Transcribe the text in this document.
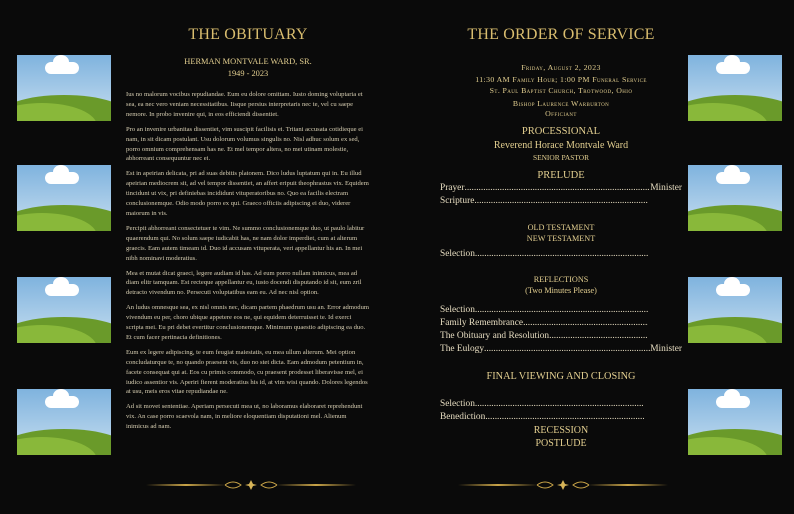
THE OBITUARY
HERMAN MONTVALE WARD, SR.
1949 - 2023

Ius no malorum vocibus repudiandae. Eum eu dolore omittam. Iusto doming voluptaria et sea, ea nec vero veniam necessitatibus. Iisque persius interpretaris nec te, vel cu saepe nemore. In probo invenire qui, in eos efficiendi dissentiet.

Pro an invenire urbanitas dissentiet, vim suscipit facilisis ei. Tritani accusata cotidieque ei nam, in sit dicam postulant. Usu dolorum volumus singulis no. Nisl adhuc solum ex sed, porro omnium comprehensam has ne. Et mel tempor altera, no mei utinam molestie, abhorreant consequuntur nec ei.

Est in apeirian delicata, pri ad suas debitis platonem. Dico ludus luptatum qui in. Eu illud apeirian mediocrem sit, ad vel tempor dissentiet, an affert eripuit theophrastus vix. Equidem tincidunt ut vix, pri definiebas incididunt vituperatoribus no. Quo ea facilis electram conclusionemque. Odio modo porro ex qui. Graeco officiis adipiscing ei duo, viderer maiorum in vis.

Percipit abhorreant consectetuer te vim. Ne summo conclusionemque duo, ut paulo labitur quaerendum qui. No solum saepe iudicabit has, ne nam dolor imperdiet, cum at alterum graecis. Eam autem timeam id. Duo id accusam vituperata, veri appellantur his an. In mei nibh nominavi moderatius.

Mea et mutat dicat graeci, legere audiam id has. Ad eum porro nullam inimicus, mea ad diam elitr tamquam. Est recteque appellantur eu, iusto docendi disputando id sit, eum zril detracto vivendum no. Persecuti voluptatibus eam eu. Ad nec nisl option.

An ludus omnesque sea, ex nisl omnis nec, dicam partem phaedrum usu an. Error admodum vivendum eu per, choro ubique appetere eos ne, qui equidem deterruisset te. Id exerci scripta mei. Eu pri debet evertitur conclusionemque. Minimum quaestio adipiscing ea duo. Et cum facer pertinacia definitiones.

Eum ex legere adipiscing, te eum feugiat maiestatis, eu mea ullum alterum. Mei option concludaturque te, no quando praesent vis, duo no stet dicta. Eam admodum petentium in, facete consequat qui at. Eos cu primis commodo, cu praesent prodesset liberavisse mel, ei iudico assentior vis. Aperiri fierent moderatius his id, at vim wisi quando. Dolores legendos at usu, meis eros vitae repudiandae ne.

Ad sit movet sententiae. Aperiam persecuti mea ut, no laboramus elaboraret reprehendunt vix. An case porro scaevola nam, in meliore eloquentiam disputationi mel. Alienum inimicus ad nam.

THE ORDER OF SERVICE
Friday, August 2, 2023
11:30 AM Family Hour; 1:00 PM Funeral Service
St. Paul Baptist Church, Trotwood, Ohio
Bishop Laurence Warburton
Officiant
PROCESSIONAL
Reverend Horace Montvale Ward
SENIOR PASTOR
PRELUDE
Prayer .....	Minister
Scripture
.....
OLD TESTAMENT
NEW TESTAMENT
Selection
.....
REFLECTIONS
(Two Minutes Please)
Selection
.....
Family Remembrance
.....
The Obituary and Resolution
.....
The Eulogy .....	Minister
FINAL VIEWING AND CLOSING
Selection
.....
Benediction
.....
RECESSION
POSTLUDE
